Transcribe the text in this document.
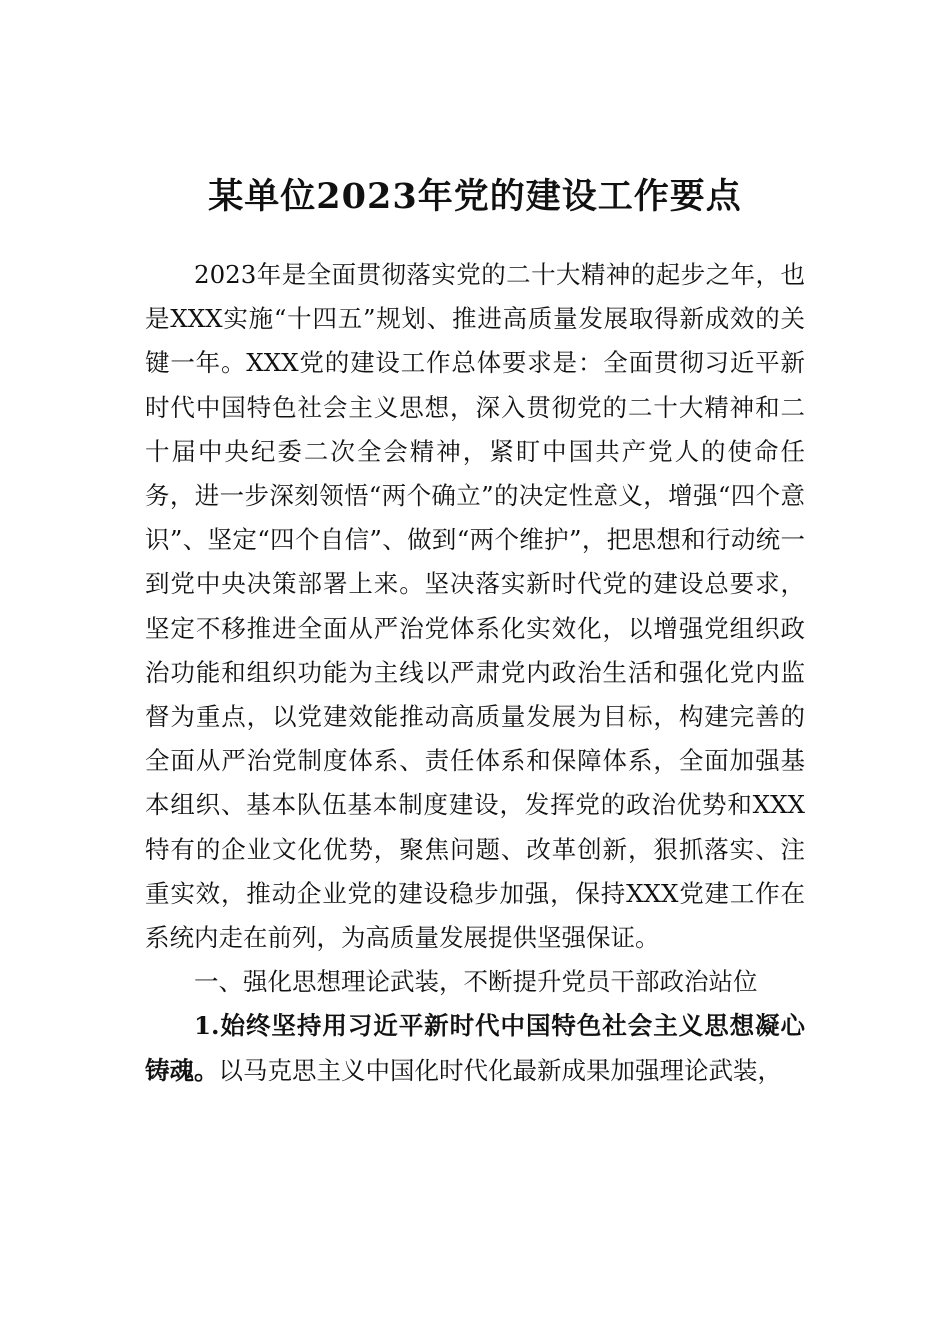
某单位2023年党的建设工作要点

2023年是全面贯彻落实党的二十大精神的起步之年，也是XXX实施“十四五”规划、推进高质量发展取得新成效的关键一年。XXX党的建设工作总体要求是：全面贯彻习近平新时代中国特色社会主义思想，深入贯彻党的二十大精神和二十届中央纪委二次全会精神，紧盯中国共产党人的使命任务，进一步深刻领悟“两个确立”的决定性意义，增强“四个意识”、坚定“四个自信”、做到“两个维护”，把思想和行动统一到党中央决策部署上来。坚决落实新时代党的建设总要求，坚定不移推进全面从严治党体系化实效化，以增强党组织政治功能和组织功能为主线以严肃党内政治生活和强化党内监督为重点，以党建效能推动高质量发展为目标，构建完善的全面从严治党制度体系、责任体系和保障体系，全面加强基本组织、基本队伍基本制度建设，发挥党的政治优势和XXX特有的企业文化优势，聚焦问题、改革创新，狠抓落实、注重实效，推动企业党的建设稳步加强，保持XXX党建工作在系统内走在前列，为高质量发展提供坚强保证。

一、强化思想理论武装，不断提升党员干部政治站位

1.始终坚持用习近平新时代中国特色社会主义思想凝心铸魂。以马克思主义中国化时代化最新成果加强理论武装，
